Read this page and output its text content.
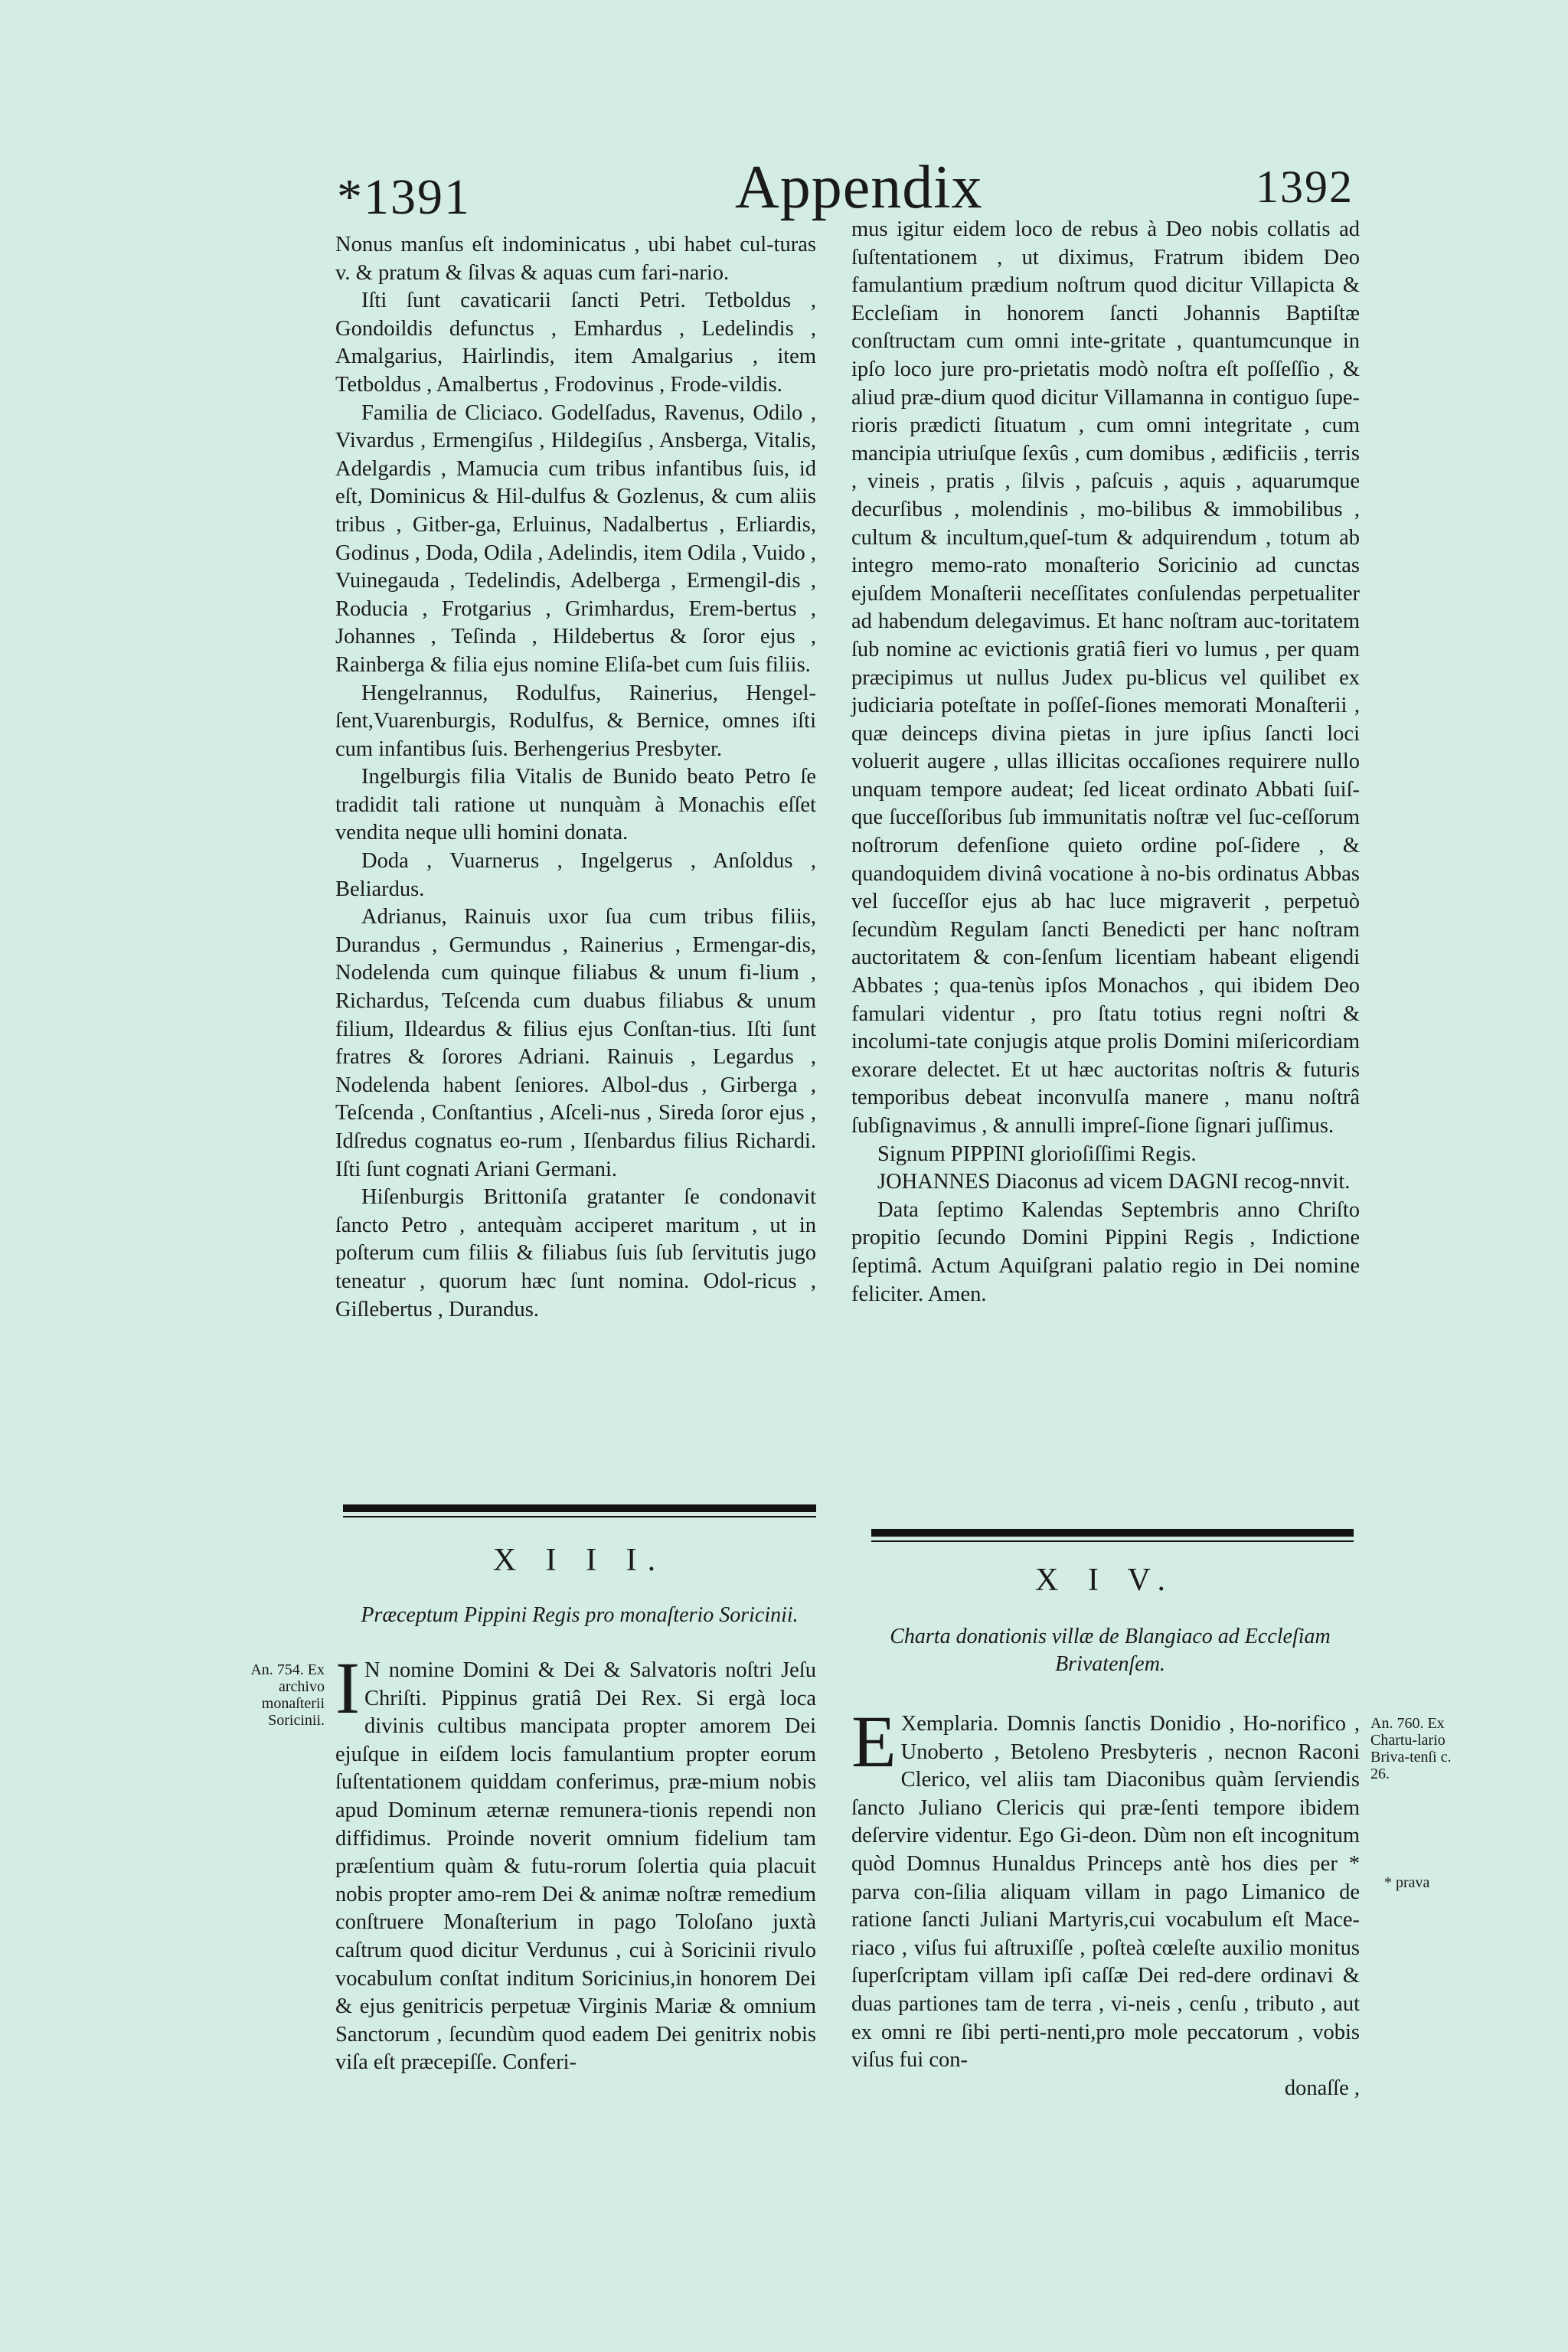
*1391	Appendix	1392

Nonus manſus eſt indominicatus , ubi habet cul-turas v. & pratum & ſilvas & aquas cum fari-nario.

Iſti ſunt cavaticarii ſancti Petri. Tetboldus , Gondoildis defunctus , Emhardus , Ledelindis , Amalgarius, Hairlindis, item Amalgarius , item Tetboldus , Amalbertus , Frodovinus , Frode-vildis.

Familia de Cliciaco. Godelſadus, Ravenus, Odilo , Vivardus , Ermengiſus , Hildegiſus , Ansberga, Vitalis, Adelgardis , Mamucia cum tribus infantibus ſuis, id eſt, Dominicus & Hil-dulfus & Gozlenus, & cum aliis tribus , Gitber-ga, Erluinus, Nadalbertus , Erliardis, Godinus , Doda, Odila , Adelindis, item Odila , Vuido , Vuinegauda , Tedelindis, Adelberga , Ermengil-dis , Roducia , Frotgarius , Grimhardus, Erem-bertus , Johannes , Teſinda , Hildebertus & ſoror ejus , Rainberga & filia ejus nomine Eliſa-bet cum ſuis filiis.

Hengelrannus, Rodulfus, Rainerius, Hengel-ſent,Vuarenburgis, Rodulfus, & Bernice, omnes iſti cum infantibus ſuis. Berhengerius Presbyter.

Ingelburgis filia Vitalis de Bunido beato Petro ſe tradidit tali ratione ut nunquàm à Monachis eſſet vendita neque ulli homini donata.

Doda , Vuarnerus , Ingelgerus , Anſoldus , Beliardus.

Adrianus, Rainuis uxor ſua cum tribus filiis, Durandus , Germundus , Rainerius , Ermengar-dis, Nodelenda cum quinque filiabus & unum fi-lium , Richardus, Teſcenda cum duabus filiabus & unum filium, Ildeardus & filius ejus Conſtan-tius. Iſti ſunt fratres & ſorores Adriani. Rainuis , Legardus , Nodelenda habent ſeniores. Albol-dus , Girberga , Teſcenda , Conſtantius , Aſceli-nus , Sireda ſoror ejus , Idſredus cognatus eo-rum , Iſenbardus filius Richardi. Iſti ſunt cognati Ariani Germani.

Hiſenburgis Brittoniſa gratanter ſe condonavit ſancto Petro , antequàm acciperet maritum , ut in poſterum cum filiis & filiabus ſuis ſub ſervitutis jugo teneatur , quorum hæc ſunt nomina. Odol-ricus , Giſlebertus , Durandus.

mus igitur eidem loco de rebus à Deo nobis collatis ad ſuſtentationem , ut diximus, Fratrum ibidem Deo famulantium prædium noſtrum quod dicitur Villapicta & Eccleſiam in honorem ſancti Johannis Baptiſtæ conſtructam cum omni inte-gritate , quantumcunque in ipſo loco jure pro-prietatis modò noſtra eſt poſſeſſio , & aliud præ-dium quod dicitur Villamanna in contiguo ſupe-rioris prædicti ſituatum , cum omni integritate , cum mancipia utriuſque ſexûs , cum domibus , ædificiis , terris , vineis , pratis , ſilvis , paſcuis , aquis , aquarumque decurſibus , molendinis , mo-bilibus & immobilibus , cultum & incultum,queſ-tum & adquirendum , totum ab integro memo-rato monaſterio Soricinio ad cunctas ejuſdem Monaſterii neceſſitates conſulendas perpetualiter ad habendum delegavimus. Et hanc noſtram auc-toritatem ſub nomine ac evictionis gratiâ fieri vo lumus , per quam præcipimus ut nullus Judex pu-blicus vel quilibet ex judiciaria poteſtate in poſſeſ-ſiones memorati Monaſterii , quæ deinceps divina pietas in jure ipſius ſancti loci voluerit augere , ullas illicitas occaſiones requirere nullo unquam tempore audeat; ſed liceat ordinato Abbati ſuiſ-que ſucceſſoribus ſub immunitatis noſtræ vel ſuc-ceſſorum noſtrorum defenſione quieto ordine poſ-ſidere , & quandoquidem divinâ vocatione à no-bis ordinatus Abbas vel ſucceſſor ejus ab hac luce migraverit , perpetuò ſecundùm Regulam ſancti Benedicti per hanc noſtram auctoritatem & con-ſenſum licentiam habeant eligendi Abbates ; qua-tenùs ipſos Monachos , qui ibidem Deo famulari videntur , pro ſtatu totius regni noſtri & incolumi-tate conjugis atque prolis Domini miſericordiam exorare delectet. Et ut hæc auctoritas noſtris & futuris temporibus debeat inconvulſa manere , manu noſtrâ ſubſignavimus , & annulli impreſ-ſione ſignari juſſimus.

Signum PIPPINI glorioſiſſimi Regis.

JOHANNES Diaconus ad vicem DAGNI recog-nnvit.

Data ſeptimo Kalendas Septembris anno Chriſto propitio ſecundo Domini Pippini Regis , Indictione ſeptimâ. Actum Aquiſgrani palatio regio in Dei nomine feliciter. Amen.

X I I I.
Præceptum Pippini Regis pro monaſterio Soricinii.
An. 754. Ex archivo monaſterii Soricinii. I N nomine Domini & Dei & Salvatoris noſtri Jeſu Chriſti. Pippinus gratiâ Dei Rex. Si ergà loca divinis cultibus mancipata propter amorem Dei ejuſque in eiſdem locis famulantium propter eorum ſuſtentationem quiddam conferimus, præ-mium nobis apud Dominum æternæ remunera-tionis rependi non diffidimus. Proinde noverit omnium fidelium tam præſentium quàm & futu-rorum ſolertia quia placuit nobis propter amo-rem Dei & animæ noſtræ remedium conſtruere Monaſterium in pago Toloſano juxtà caſtrum quod dicitur Verdunus , cui à Soricinii rivulo vocabulum conſtat inditum Soricinius,in honorem Dei & ejus genitricis perpetuæ Virginis Mariæ & omnium Sanctorum , ſecundùm quod eadem Dei genitrix nobis viſa eſt præcepiſſe. Conferi-

X I V.
Charta donationis villæ de Blangiaco ad Eccleſiam Brivatenſem.
An. 760. Ex Chartu-lario Briva-tenſi c. 26.
* prava

E Xemplaria. Domnis ſanctis Donidio , Ho-norifico , Unoberto , Betoleno Presbyteris , necnon Raconi Clerico, vel aliis tam Diaconibus quàm ſerviendis ſancto Juliano Clericis qui præ-ſenti tempore ibidem deſervire videntur. Ego Gi-deon. Dùm non eſt incognitum quòd Domnus Hunaldus Princeps antè hos dies per * parva con-ſilia aliquam villam in pago Limanico de ratione ſancti Juliani Martyris,cui vocabulum eſt Mace-riaco , viſus fui aſtruxiſſe , poſteà cœleſte auxilio monitus ſuperſcriptam villam ipſi caſſæ Dei red-dere ordinavi & duas partiones tam de terra , vi-neis , cenſu , tributo , aut ex omni re ſibi perti-nenti,pro mole peccatorum , vobis viſus fui con-

donaſſe ,
